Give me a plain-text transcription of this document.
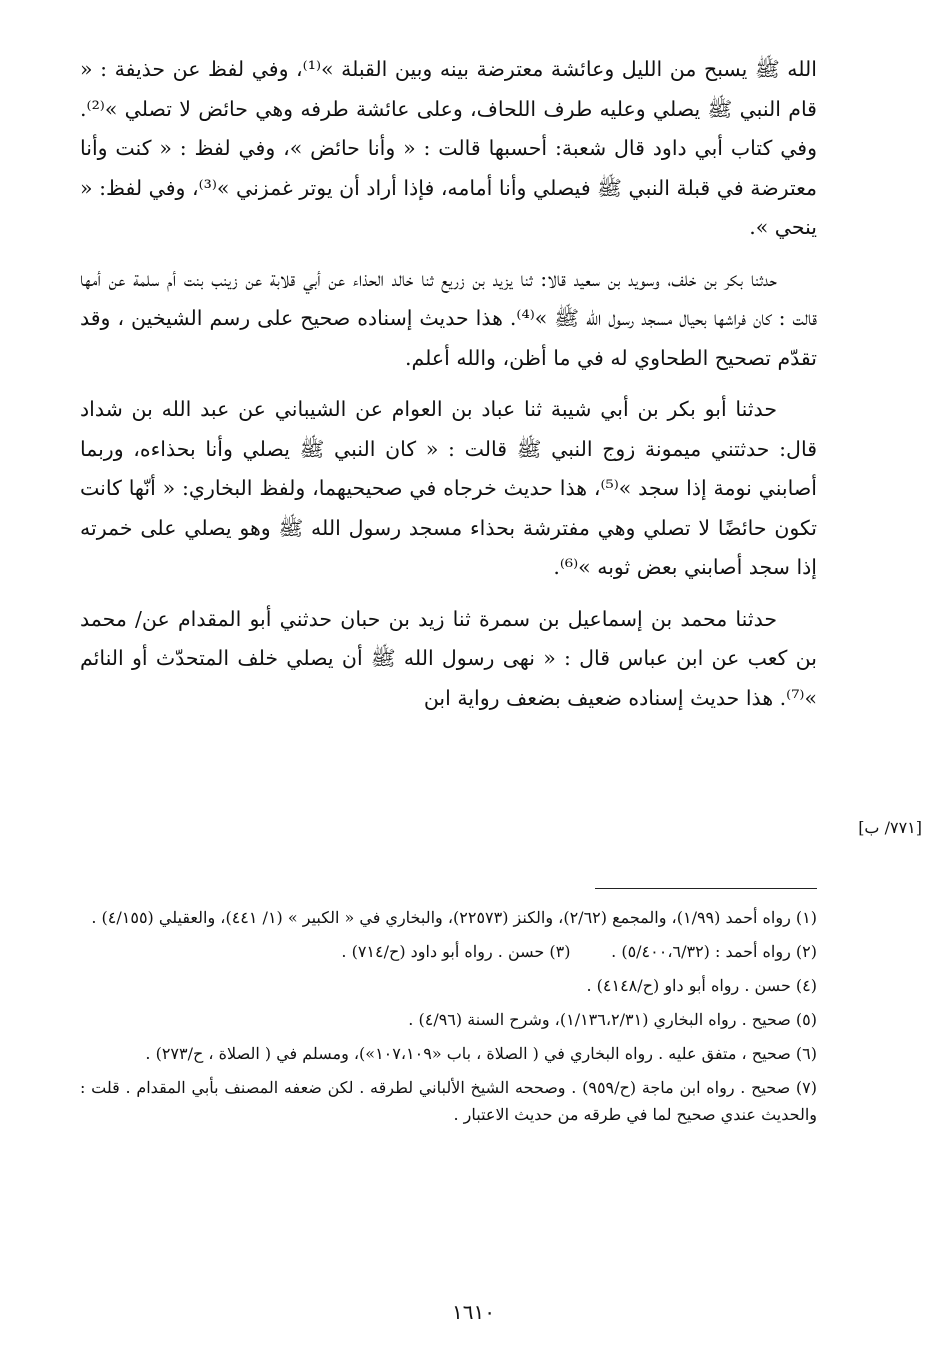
الله ﷺ يسبح من الليل وعائشة معترضة بينه وبين القبلة »⁽¹⁾، وفي لفظ عن حذيفة : « قام النبي ﷺ يصلي وعليه طرف اللحاف، وعلى عائشة طرفه وهي حائض لا تصلي »⁽²⁾. وفي كتاب أبي داود قال شعبة: أحسبها قالت : « وأنا حائض »، وفي لفظ : « كنت وأنا معترضة في قبلة النبي ﷺ فيصلي وأنا أمامه، فإذا أراد أن يوتر غمزني »⁽³⁾، وفي لفظ: « ينحي ».

حدثنا بكر بن خلف، وسويد بن سعيد قالا: ثنا يزيد بن زريع ثنا خالد الحذاء عن أبي قلابة عن زينب بنت أم سلمة عن أمها قالت : كان فراشها بحيال مسجد رسول الله ﷺ »⁽⁴⁾. هذا حديث إسناده صحيح على رسم الشيخين ، وقد تقدّم تصحيح الطحاوي له في ما أظن، والله أعلم.

حدثنا أبو بكر بن أبي شيبة ثنا عباد بن العوام عن الشيباني عن عبد الله بن شداد قال: حدثتني ميمونة زوج النبي ﷺ قالت : « كان النبي ﷺ يصلي وأنا بحذاءه، وربما أصابني نومة إذا سجد »⁽⁵⁾، هذا حديث خرجاه في صحيحيهما، ولفظ البخاري: « أنّها كانت تكون حائضًا لا تصلي وهي مفترشة بحذاء مسجد رسول الله ﷺ وهو يصلي على خمرته إذا سجد أصابني بعض ثوبه »⁽⁶⁾.

حدثنا محمد بن إسماعيل بن سمرة ثنا زيد بن حبان حدثني أبو المقدام عن/ محمد بن كعب عن ابن عباس قال : « نهى رسول الله ﷺ أن يصلي خلف المتحدّث أو النائم »⁽⁷⁾. هذا حديث إسناده ضعيف بضعف رواية ابن

[٧٧١/ ب]

(١) رواه أحمد (١/٩٩)، والمجمع (٢/٦٢)، والكنز (٢٢٥٧٣)، والبخاري في « الكبير » (١/ ٤٤١)، والعقيلي (٤/١٥٥) .

(٢) رواه أحمد : (٥/٤٠٠،٦/٣٢) .        (٣) حسن . رواه أبو داود (ح/٧١٤) .

(٤) حسن . رواه أبو داو (ح/٤١٤٨) .

(٥) صحيح . رواه البخاري (١/١٣٦،٢/٣١)، وشرح السنة (٤/٩٦) .

(٦) صحيح ، متفق عليه . رواه البخاري في ( الصلاة ، باب «١٠٧،١٠٩»)، ومسلم في ( الصلاة ، ح/٢٧٣) .

(٧) صحيح . رواه ابن ماجة (ح/٩٥٩) . وصححه الشيخ الألباني لطرقه . لكن ضعفه المصنف بأبي المقدام . قلت : والحديث عندي صحيح لما في طرقه من حديث الاعتبار .

١٦١٠
